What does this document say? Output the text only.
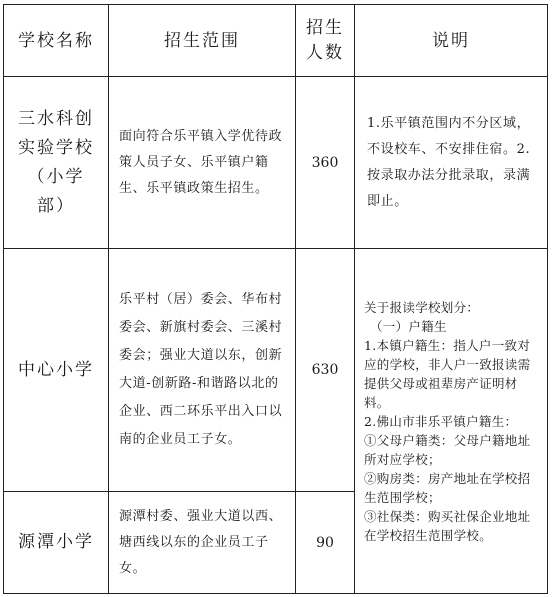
学校名称	招生范围
招生
人数
说明
三水科创实验学校（小学部）
面向符合乐平镇入学优待政策人员子女、乐平镇户籍生、乐平镇政策生招生。
360
1.乐平镇范围内不分区域，不设校车、不安排住宿。2.按录取办法分批录取，录满即止。
中心小学
乐平村（居）委会、华布村委会、新旗村委会、三溪村委会；强业大道以东，创新大道-创新路-和谐路以北的企业、西二环乐平出入口以南的企业员工子女。
630
关于报读学校划分：
（一）户籍生
1.本镇户籍生：指人户一致对应的学校，非人户一致报读需提供父母或祖辈房产证明材料。
2.佛山市非乐平镇户籍生：
①父母户籍类：父母户籍地址所对应学校；
②购房类：房产地址在学校招生范围学校；
③社保类：购买社保企业地址在学校招生范围学校。
源潭小学
源潭村委、强业大道以西、塘西线以东的企业员工子女。
90
